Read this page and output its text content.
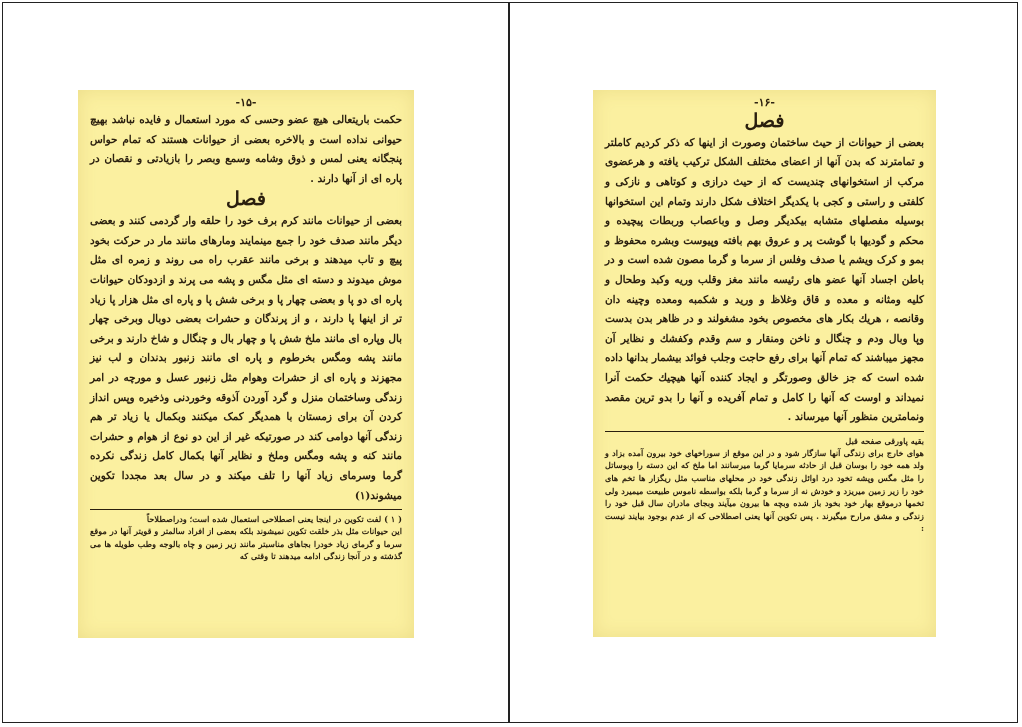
-۱۵-
حکمت باریتعالی هیچ عضو وحسی که مورد استعمال و فایده نباشد بهیچ حیوانی نداده است و بالاخره بعضی از حیوانات هستند که تمام حواس پنجگانه یعنی لمس و ذوق وشامه وسمع وبصر را بازیادتی و نقصان در پاره ای از آنها دارند .
فصل
بعضی از حیوانات مانند کرم برف خود را حلقه وار گردمی کنند و بعضی دیگر مانند صدف خود را جمع مینمایند ومارهای مانند مار در حرکت بخود پیچ و تاب میدهند و برخی مانند عقرب راه می روند و زمره ای مثل موش میدوند و دسته ای مثل مگس و پشه می پرند و ازدودکان حیوانات پاره ای دو پا و بعضی چهار پا و برخی شش پا و پاره ای مثل هزار پا زیاد تر از اینها پا دارند ، و از پرندگان و حشرات بعضی دوبال وبرخی چهار بال وپاره ای مانند ملخ شش پا و چهار بال و چنگال و شاخ دارند و برخی مانند پشه ومگس بخرطوم و پاره ای مانند زنبور بدندان و لب نیز مجهزند و پاره ای از حشرات وهوام مثل زنبور عسل و مورچه در امر زندگی وساختمان منزل و گرد آوردن آذوقه وخوردنی وذخیره وپس انداز کردن آن برای زمستان با همدیگر کمک میکنند وبکمال یا زیاد تر هم زندگی آنها دوامی کند در صورتیکه غیر از این دو نوع از هوام و حشرات مانند کنه و پشه ومگس وملخ و نظایر آنها بکمال کامل زندگی نکرده گرما وسرمای زیاد آنها را تلف میکند و در سال بعد مجددا تکوین میشوند(۱)
( ۱ ) لفت تکوین در اینجا یعنی اصطلاحی استعمال شده است؛ ودراصطلاحاً
این حیوانات مثل بذر خلقت تکوین نمیشوند بلکه بعضی از افراد سالمتر و قویتر آنها در موقع سرما و گرمای زیاد خودرا بجاهای مناسبتر مانند زیر زمین و چاه بالوجه وطب طویله ها می گذشته و در آنجا زندگی ادامه میدهند تا وقتی که
-۱۶-
فصل
بعضی از حیوانات از حیث ساختمان وصورت از اینها که ذکر کردیم کاملتر و تمامترند که بدن آنها از اعضای مختلف الشکل ترکیب یافته و هرعضوی مرکب از استخوانهای چندیست که از حیث درازی و کوتاهی و نازکی و کلفتی و راستی و کجی با یکدیگر اختلاف شکل دارند وتمام این استخوانها بوسیله مفصلهای متشابه بیکدیگر وصل و وباعصاب وربطات پیچیده و محکم و گودیها با گوشت پر و عروق بهم بافته وپیوست وبشره محفوظ و بمو و کرک ویشم یا صدف وفلس از سرما و گرما مصون شده است و در باطن اجساد آنها عضو های رئیسه مانند مغز وقلب وریه وکبد وطحال و کلیه ومثانه و معده و قاق وغلاظ و ورید و شکمبه ومعده وچینه دان وقانصه ، هریك بکار های مخصوص بخود مشغولند و در ظاهر بدن بدست وپا وبال ودم و چنگال و ناخن ومنقار و سم وقدم وکفشك و نظایر آن مجهز میباشند که تمام آنها برای رفع حاجت وجلب فوائد بیشمار بدانها داده شده است که جز خالق وصورتگر و ایجاد کننده آنها هیچیك حکمت آنرا نمیداند و اوست که آنها را کامل و تمام آفریده و آنها را بدو ترین مقصد ونمامترین منظور آنها میرساند .
بقیه پاورقی صفحه قبل
هوای خارج برای زندگی آنها سازگار شود و در این موقع از سوراخهای خود بیرون آمده بزاد و ولد همه خود را بوسان قبل از حادثه سرمایا گرما میرسانند اما ملخ که این دسته را وبوساتل را مثل مگس وپشه تخود درد اوائل زندگی خود در محلهای مناسب مثل ریگزار ها تخم های خود را زیر زمین میریزد و خودش نه از سرما و گرما بلکه بواسطه ناموس طبیعت میمیرد ولی تخمها درموقع بهار خود بخود باز شده وبچه ها بیرون میآیند وبجای مادران سال قبل خود را زندگی و مشق مرارح میگیرند . پس تکوین آنها یعنی اصطلاحی که از عدم بوجود بیایند نیست :
